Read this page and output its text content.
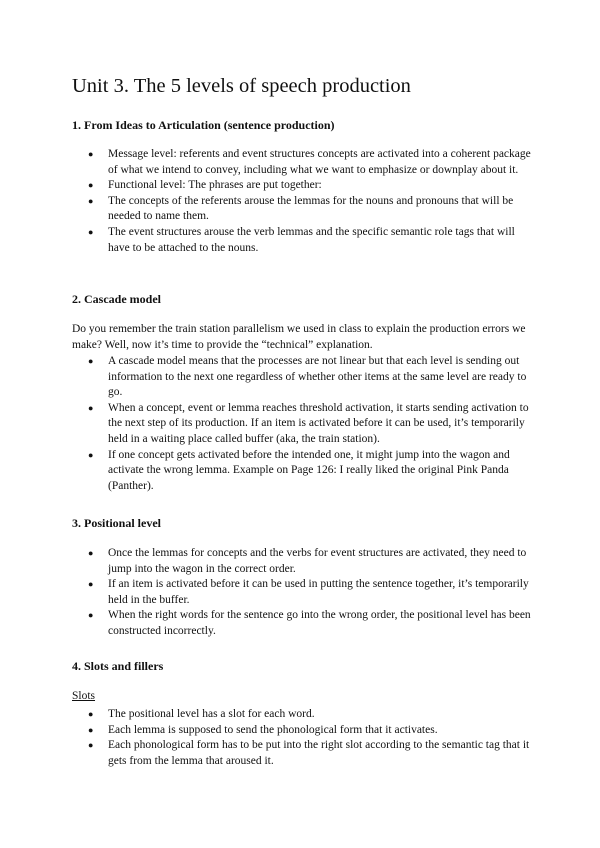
Unit 3. The 5 levels of speech production
1. From Ideas to Articulation (sentence production)
● Message level: referents and event structures concepts are activated into a coherent package of what we intend to convey, including what we want to emphasize or downplay about it.
● Functional level: The phrases are put together:
● The concepts of the referents arouse the lemmas for the nouns and pronouns that will be needed to name them.
● The event structures arouse the verb lemmas and the specific semantic role tags that will have to be attached to the nouns.
2. Cascade model

Do you remember the train station parallelism we used in class to explain the production errors we make? Well, now it’s time to provide the “technical” explanation.

● A cascade model means that the processes are not linear but that each level is sending out information to the next one regardless of whether other items at the same level are ready to go.
● When a concept, event or lemma reaches threshold activation, it starts sending activation to the next step of its production. If an item is activated before it can be used, it’s temporarily held in a waiting place called buffer (aka, the train station).
● If one concept gets activated before the intended one, it might jump into the wagon and activate the wrong lemma. Example on Page 126: I really liked the original Pink Panda (Panther).
3. Positional level
● Once the lemmas for concepts and the verbs for event structures are activated, they need to jump into the wagon in the correct order.
● If an item is activated before it can be used in putting the sentence together, it’s temporarily held in the buffer.
● When the right words for the sentence go into the wrong order, the positional level has been constructed incorrectly.
4. Slots and fillers
Slots
● The positional level has a slot for each word.
● Each lemma is supposed to send the phonological form that it activates.
● Each phonological form has to be put into the right slot according to the semantic tag that it gets from the lemma that aroused it.
